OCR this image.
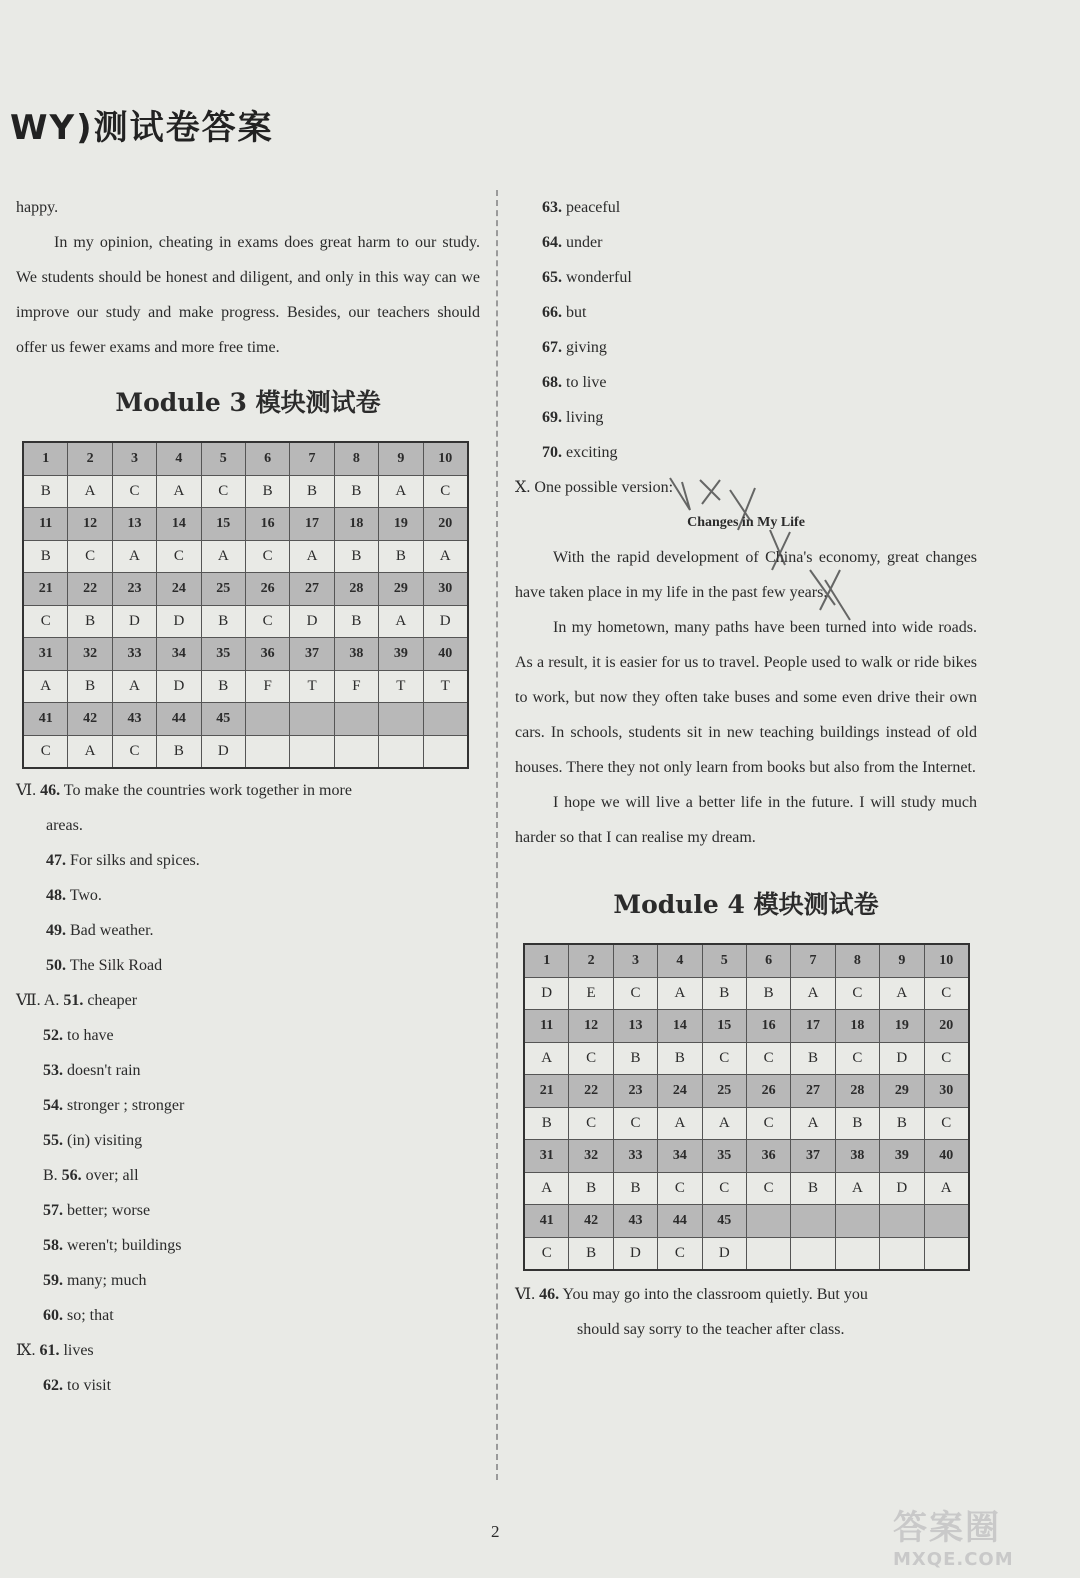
WY)测试卷答案
happy.

In my opinion, cheating in exams does great harm to our study. We students should be honest and diligent, and only in this way can we improve our study and make progress. Besides, our teachers should offer us fewer exams and more free time.

Module 3 模块测试卷
1	2	3	4	5	6	7	8	9	10
B	A	C	A	C	B	B	B	A	C
11	12	13	14	15	16	17	18	19	20
B	C	A	C	A	C	A	B	B	A
21	22	23	24	25	26	27	28	29	30
C	B	D	D	B	C	D	B	A	D
31	32	33	34	35	36	37	38	39	40
A	B	A	D	B	F	T	F	T	T
41	42	43	44	45					
C	A	C	B	D					
Ⅵ. 46. To make the countries work together in more
areas.
47. For silks and spices.
48. Two.
49. Bad weather.
50. The Silk Road
Ⅶ. A. 51. cheaper
52. to have
53. doesn't rain
54. stronger ; stronger
55. (in) visiting
B. 56. over; all
57. better; worse
58. weren't; buildings
59. many; much
60. so; that
Ⅸ. 61. lives
62. to visit
63. peaceful
64. under
65. wonderful
66. but
67. giving
68. to live
69. living
70. exciting
Ⅹ. One possible version:
Changes in My Life

With the rapid development of China's economy, great changes have taken place in my life in the past few years.

In my hometown, many paths have been turned into wide roads. As a result, it is easier for us to travel. People used to walk or ride bikes to work, but now they often take buses and some even drive their own cars. In schools, students sit in new teaching buildings instead of old houses. There they not only learn from books but also from the Internet.

I hope we will live a better life in the future. I will study much harder so that I can realise my dream.

Module 4 模块测试卷
1	2	3	4	5	6	7	8	9	10
D	E	C	A	B	B	A	C	A	C
11	12	13	14	15	16	17	18	19	20
A	C	B	B	C	C	B	C	D	C
21	22	23	24	25	26	27	28	29	30
B	C	C	A	A	C	A	B	B	C
31	32	33	34	35	36	37	38	39	40
A	B	B	C	C	C	B	A	D	A
41	42	43	44	45					
C	B	D	C	D					
Ⅵ. 46. You may go into the classroom quietly. But you
should say sorry to the teacher after class.
2	答案圈
MXQE.COM
